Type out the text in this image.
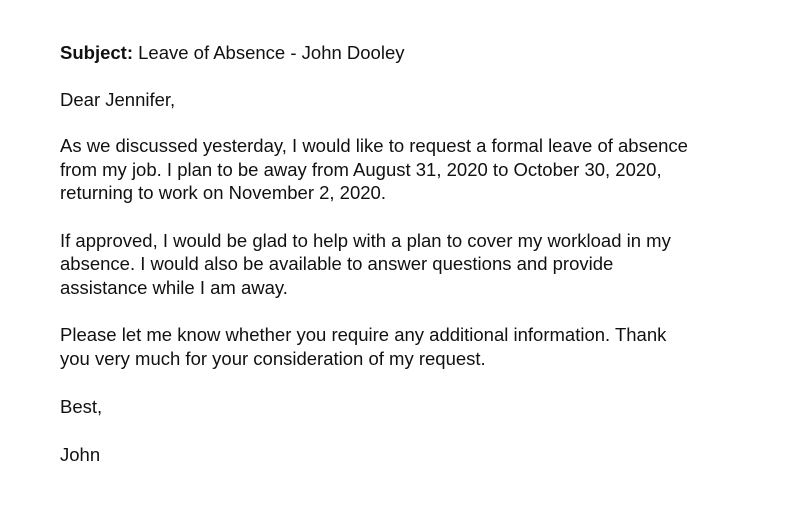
Subject: Leave of Absence - John Dooley

Dear Jennifer,

As we discussed yesterday, I would like to request a formal leave of absence
from my job. I plan to be away from August 31, 2020 to October 30, 2020,
returning to work on November 2, 2020.

If approved, I would be glad to help with a plan to cover my workload in my
absence. I would also be available to answer questions and provide
assistance while I am away.

Please let me know whether you require any additional information. Thank
you very much for your consideration of my request.

Best,

John
